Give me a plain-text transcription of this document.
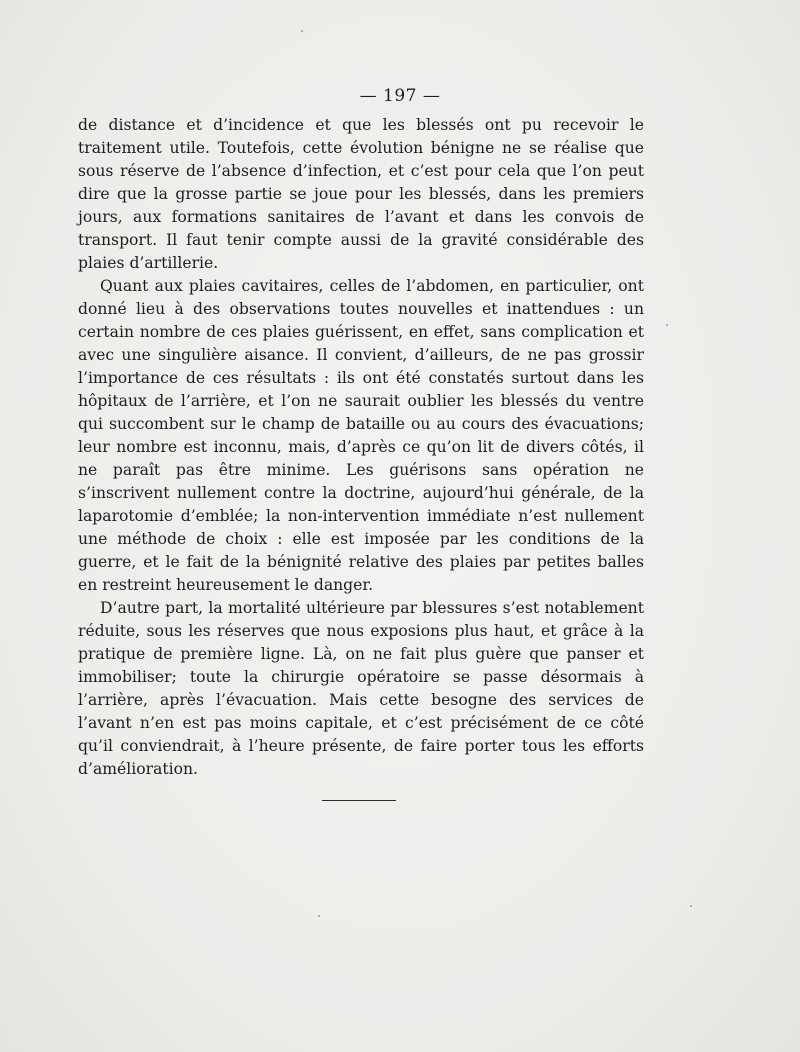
— 197 —

de distance et d’incidence et que les blessés ont pu recevoir le traitement utile. Toutefois, cette évolution bénigne ne se réalise que sous réserve de l’absence d’infection, et c’est pour cela que l’on peut dire que la grosse partie se joue pour les blessés, dans les premiers jours, aux formations sanitaires de l’avant et dans les convois de transport. Il faut tenir compte aussi de la gravité considérable des plaies d’artillerie.

Quant aux plaies cavitaires, celles de l’abdomen, en particulier, ont donné lieu à des observations toutes nouvelles et inattendues : un certain nombre de ces plaies guérissent, en effet, sans complication et avec une singulière aisance. Il convient, d’ailleurs, de ne pas grossir l’importance de ces résultats : ils ont été constatés surtout dans les hôpitaux de l’arrière, et l’on ne saurait oublier les blessés du ventre qui succombent sur le champ de bataille ou au cours des évacuations; leur nombre est inconnu, mais, d’après ce qu’on lit de divers côtés, il ne paraît pas être minime. Les guérisons sans opération ne s’inscrivent nullement contre la doctrine, aujourd’hui générale, de la laparotomie d’emblée; la non-intervention immédiate n’est nullement une méthode de choix : elle est imposée par les conditions de la guerre, et le fait de la bénignité relative des plaies par petites balles en restreint heureusement le danger.

D’autre part, la mortalité ultérieure par blessures s’est notablement réduite, sous les réserves que nous exposions plus haut, et grâce à la pratique de première ligne. Là, on ne fait plus guère que panser et immobiliser; toute la chirurgie opératoire se passe désormais à l’arrière, après l’évacuation. Mais cette besogne des services de l’avant n’en est pas moins capitale, et c’est précisément de ce côté qu’il conviendrait, à l’heure présente, de faire porter tous les efforts d’amélioration.
